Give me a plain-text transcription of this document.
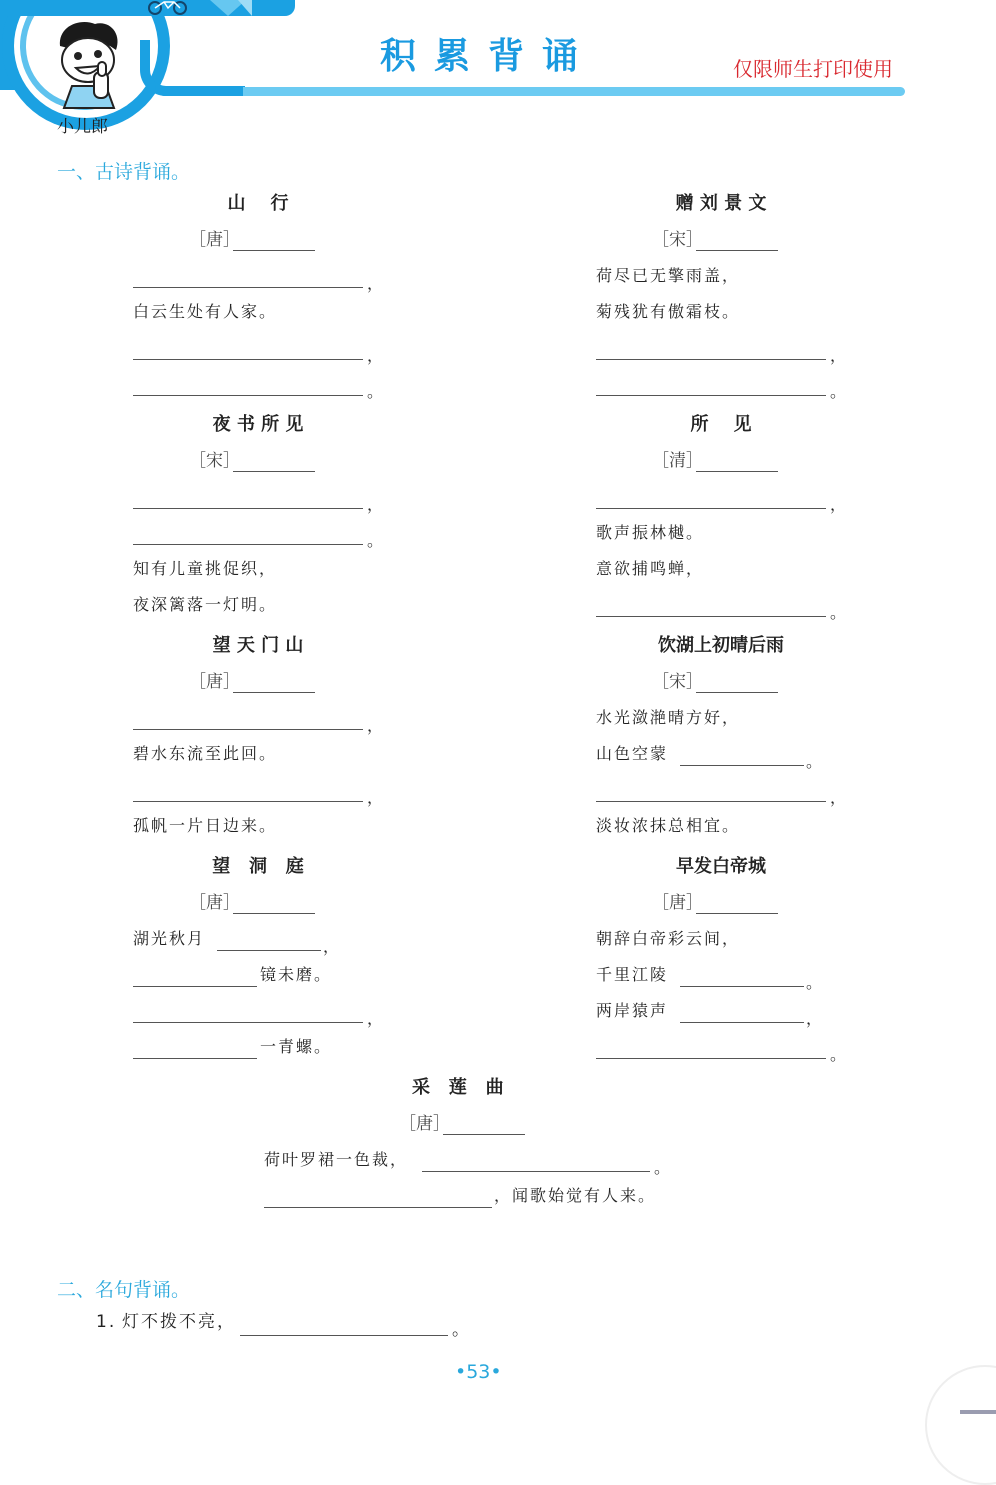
小儿郎
积累背诵	仅限师生打印使用
一、古诗背诵。
山    行
［唐］
，
白云生处有人家。
，
。
赠 刘 景 文
［宋］
荷尽已无擎雨盖，
菊残犹有傲霜枝。
，
。
夜 书 所 见
［宋］
，
。
知有儿童挑促织，
夜深篱落一灯明。
所    见
［清］
，
歌声振林樾。
意欲捕鸣蝉，
。
望 天 门 山
［唐］
，
碧水东流至此回。
，
孤帆一片日边来。
饮湖上初晴后雨
［宋］
水光潋滟晴方好，
山色空蒙	。
，
淡妆浓抹总相宜。
望   洞   庭
［唐］
湖光秋月	，
镜未磨。
，
一青螺。
早发白帝城
［唐］
朝辞白帝彩云间，
千里江陵	。
两岸猿声	，
。
采   莲   曲
［唐］
荷叶罗裙一色裁，	。
，闻歌始觉有人来。
二、名句背诵。
1. 灯不拨不亮，	。
•53•
